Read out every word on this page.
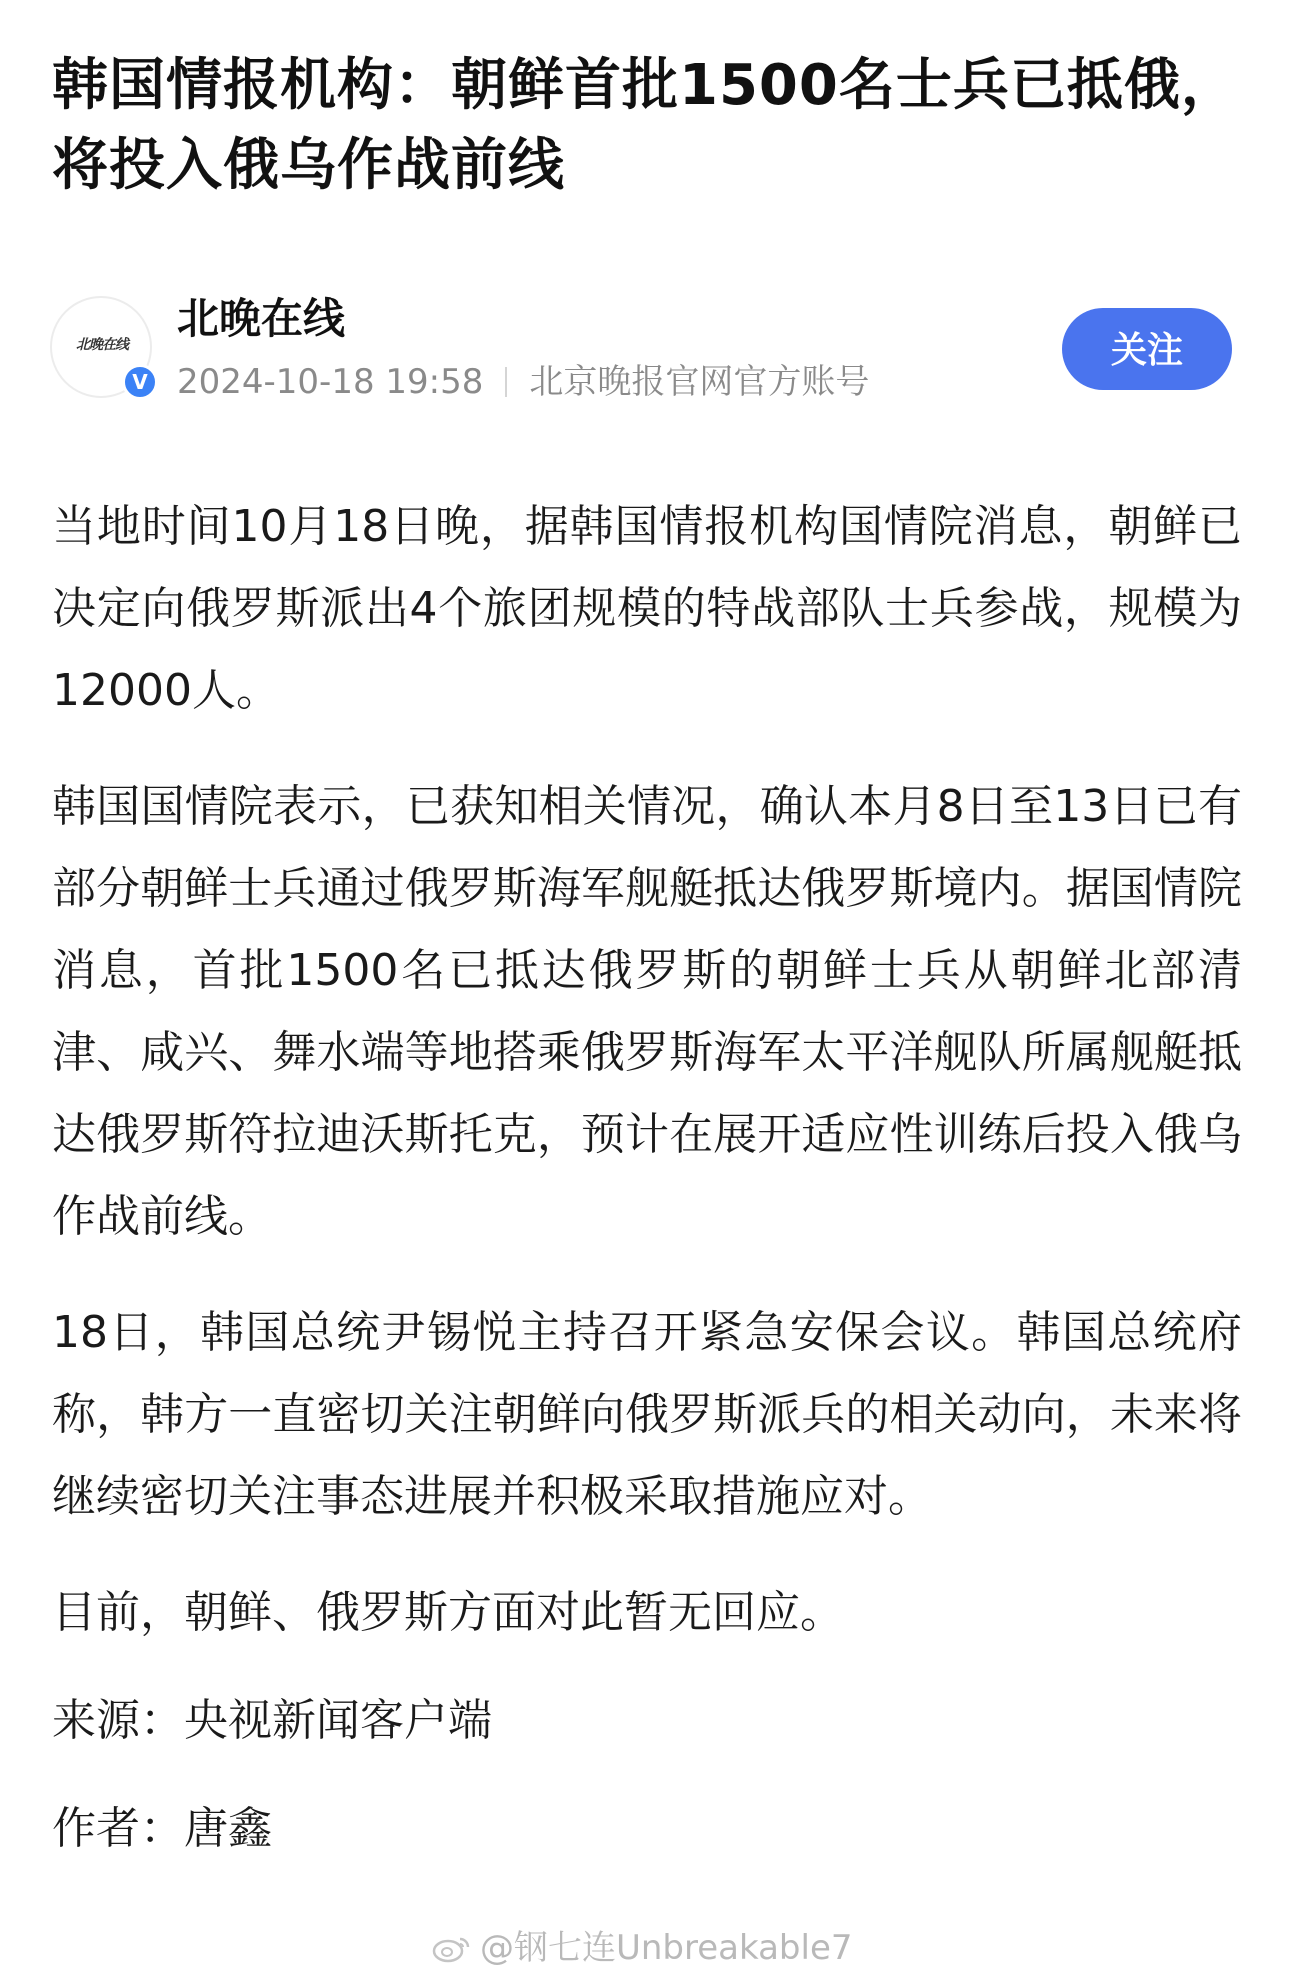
韩国情报机构：朝鲜首批1500名士兵已抵俄，将投入俄乌作战前线
北晚在线
V
北晚在线
2024-10-18 19:58 北京晚报官网官方账号
关注

当地时间10月18日晚，据韩国情报机构国情院消息，朝鲜已决定向俄罗斯派出4个旅团规模的特战部队士兵参战，规模为12000人。

韩国国情院表示，已获知相关情况，确认本月8日至13日已有部分朝鲜士兵通过俄罗斯海军舰艇抵达俄罗斯境内。据国情院消息，首批1500名已抵达俄罗斯的朝鲜士兵从朝鲜北部清津、咸兴、舞水端等地搭乘俄罗斯海军太平洋舰队所属舰艇抵达俄罗斯符拉迪沃斯托克，预计在展开适应性训练后投入俄乌作战前线。

18日，韩国总统尹锡悦主持召开紧急安保会议。韩国总统府称，韩方一直密切关注朝鲜向俄罗斯派兵的相关动向，未来将继续密切关注事态进展并积极采取措施应对。

目前，朝鲜、俄罗斯方面对此暂无回应。

来源：央视新闻客户端

作者：唐鑫

@钢七连Unbreakable7
